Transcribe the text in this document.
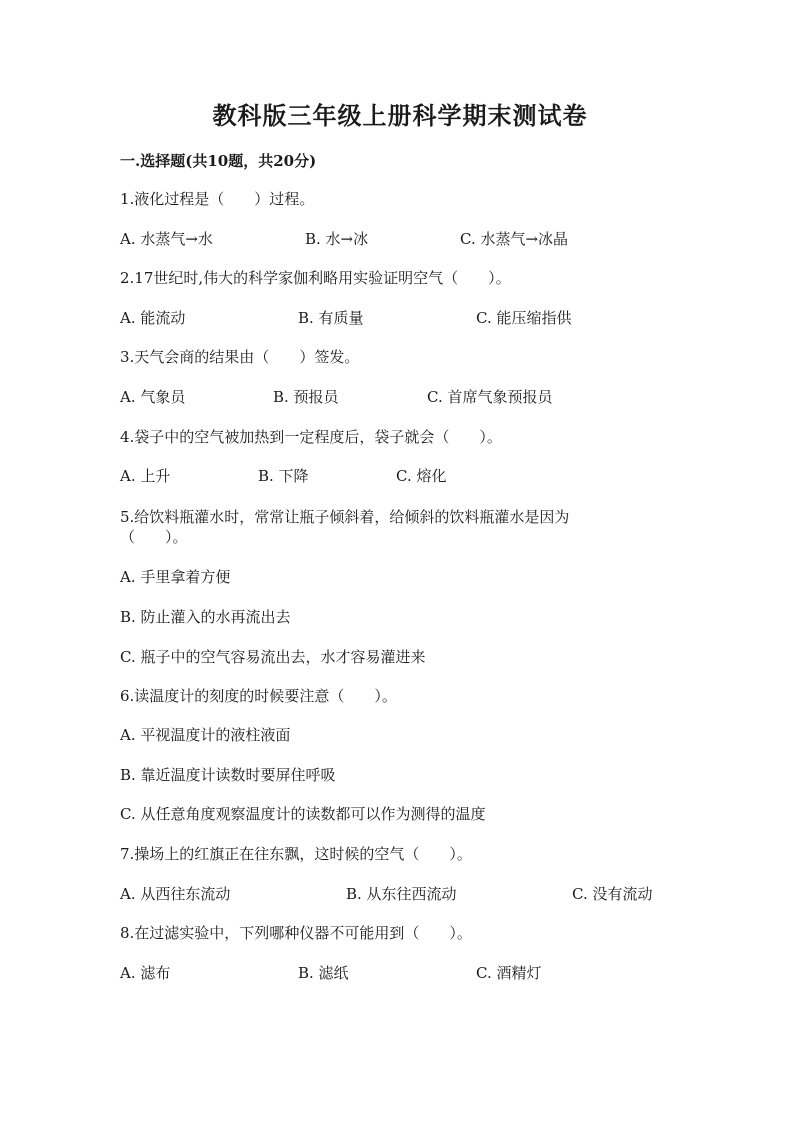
教科版三年级上册科学期末测试卷
一.选择题(共10题，共20分)
1.液化过程是（　　）过程。
A. 水蒸气→水	B. 水→冰	C. 水蒸气→冰晶
2.17世纪时,伟大的科学家伽利略用实验证明空气（　　）。
A. 能流动	B. 有质量	C. 能压缩指供
3.天气会商的结果由（　　）签发。
A. 气象员	B. 预报员	C. 首席气象预报员
4.袋子中的空气被加热到一定程度后，袋子就会（　　）。
A. 上升	B. 下降	C. 熔化
5.给饮料瓶灌水时，常常让瓶子倾斜着，给倾斜的饮料瓶灌水是因为
（　　）。
A. 手里拿着方便
B. 防止灌入的水再流出去
C. 瓶子中的空气容易流出去，水才容易灌进来
6.读温度计的刻度的时候要注意（　　）。
A. 平视温度计的液柱液面
B. 靠近温度计读数时要屏住呼吸
C. 从任意角度观察温度计的读数都可以作为测得的温度
7.操场上的红旗正在往东飘，这时候的空气（　　）。
A. 从西往东流动	B. 从东往西流动	C. 没有流动
8.在过滤实验中，下列哪种仪器不可能用到（　　）。
A. 滤布	B. 滤纸	C. 酒精灯
